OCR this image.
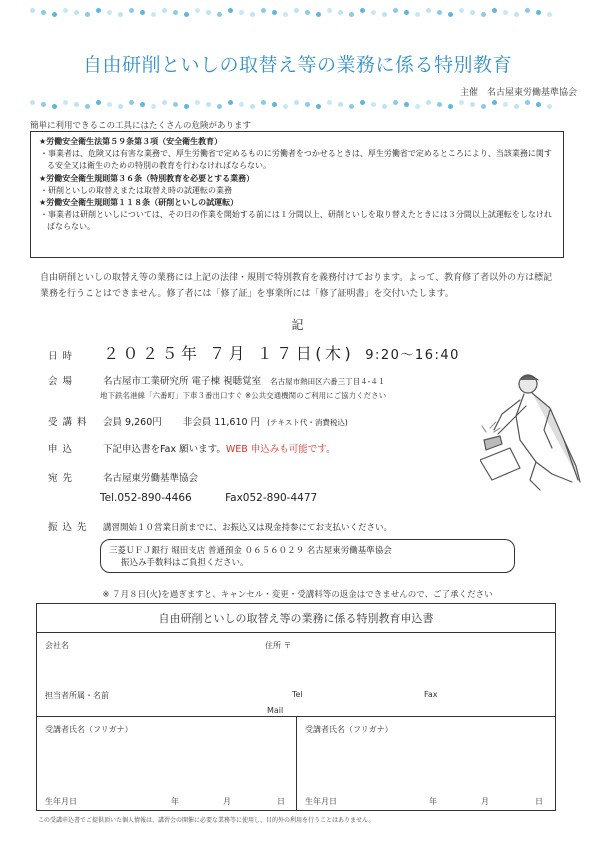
自由研削といしの取替え等の業務に係る特別教育
主催　名古屋東労働基準協会
簡単に利用できるこの工具にはたくさんの危険があります
★労働安全衛生法第５９条第３項（安全衛生教育）
・事業者は、危険又は有害な業務で、厚生労働省で定めるものに労働者をつかせるときは、厚生労働省で定めるところにより、当該業務に関する安全又は衛生のための特別の教育を行わなければならない。
★労働安全衛生規則第３６条（特別教育を必要とする業務）
・研削といしの取替えまたは取替え時の試運転の業務
★労働安全衛生規則第１１８条（研削といしの試運転）
・事業者は研削といしについては、その日の作業を開始する前には１分間以上、研削といしを取り替えたときには３分間以上試運転をしなければならない。
自由研削といしの取替え等の業務には上記の法律・規則で特別教育を義務付けております。よって、教育修了者以外の方は標記業務を行うことはできません。修了者には「修了証」を事業所には「修了証明書」を交付いたします。
記
日時 ２０２５年 ７月 １７日(木) 9:20～16:40
会場	名古屋市工業研究所 電子棟 視聴覚室 名古屋市熱田区六番三丁目４-４１
地下鉄名港線「六番町」下車３番出口すぐ ※公共交通機関のご利用にご協力ください
受講料 会員 9,260円 非会員 11,610 円 (テキスト代・消費税込)
申込	下記申込書をFax 願います。WEB 申込みも可能です。
宛先	名古屋東労働基準協会
Tel.052-890-4466	Fax052-890-4477
振込先 講習開始１０営業日前までに、お振込又は現金持参にてお支払いください。
三菱ＵＦＪ銀行 堀田支店 普通預金 ０６５６０２９ 名古屋東労働基準協会
振込み手数料はご負担ください。
※ ７月８日(火)を過ぎますと、キャンセル・変更・受講料等の返金はできませんので、ご了承ください
自由研削といしの取替え等の業務に係る特別教育申込書
会社名	住所 〒
担当者所属・名前	Tel	Fax
Mail
受講者氏名（フリガナ）	受講者氏名（フリガナ）
生年月日	年	月	日	生年月日	年	月	日
この受講申込書でご提供頂いた個人情報は、講習会の開催に必要な業務等に使用し、目的外の利用を行うことはありません。
